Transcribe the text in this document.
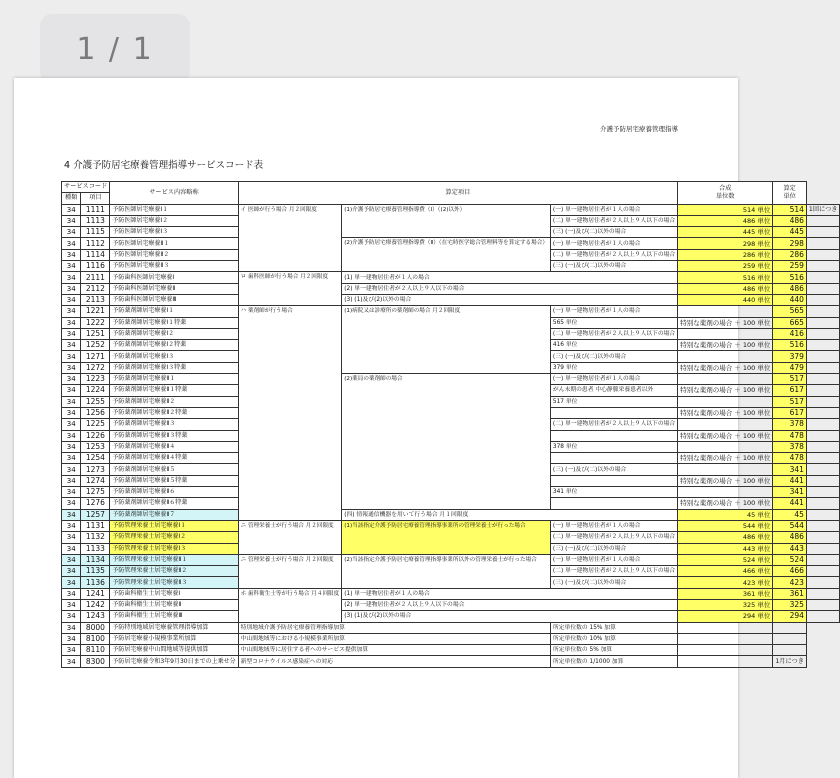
1 / 1
介護予防居宅療養管理指導
4 介護予防居宅療養管理指導サービスコード表
サービスコード		サービス内容略称	算定項目			合成
単位数	算定
単位	
種類	項目							
34	1111	予防医師居宅療養Ⅰ１	イ 医師が行う場合 月２回限度	(1)介護予防居宅療養管理指導費（Ⅰ）（(2)以外）	(一) 単一建物居住者が１人の場合	514 単位	514	1回につき
34	1113	予防医師居宅療養Ⅰ２			(二) 単一建物居住者が２人以上９人以下の場合	486 単位	486	
34	1115	予防医師居宅療養Ⅰ３			(三) (一)及び(二)以外の場合	445 単位	445	
34	1112	予防医師居宅療養Ⅱ１		(2)介護予防居宅療養管理指導費（Ⅱ）（在宅時医学総合管理料等を算定する場合）	(一) 単一建物居住者が１人の場合	298 単位	298	
34	1114	予防医師居宅療養Ⅱ２			(二) 単一建物居住者が２人以上９人以下の場合	286 単位	286	
34	1116	予防医師居宅療養Ⅱ３			(三) (一)及び(二)以外の場合	259 単位	259	
34	2111	予防歯科医師居宅療養Ⅰ	ロ 歯科医師が行う場合 月２回限度	(1) 単一建物居住者が１人の場合		516 単位	516	
34	2112	予防歯科医師居宅療養Ⅱ		(2) 単一建物居住者が２人以上９人以下の場合		486 単位	486	
34	2113	予防歯科医師居宅療養Ⅲ		(3) (1)及び(2)以外の場合		440 単位	440	
34	1221	予防薬剤師居宅療養Ⅰ１	ハ 薬剤師が行う場合	(1)病院又は診療所の薬剤師の場合 月２回限度	(一) 単一建物居住者が１人の場合		565	
34	1222	予防薬剤師居宅療養Ⅰ１特薬			565 単位	特別な薬剤の場合 ＋ 100 単位	665	
34	1251	予防薬剤師居宅療養Ⅰ２			(二) 単一建物居住者が２人以上９人以下の場合		416	
34	1252	予防薬剤師居宅療養Ⅰ２特薬			416 単位	特別な薬剤の場合 ＋ 100 単位	516	
34	1271	予防薬剤師居宅療養Ⅰ３			(三) (一)及び(二)以外の場合		379	
34	1272	予防薬剤師居宅療養Ⅰ３特薬			379 単位	特別な薬剤の場合 ＋ 100 単位	479	
34	1223	予防薬剤師居宅療養Ⅱ１		(2)薬局の薬剤師の場合	(一) 単一建物居住者が１人の場合		517	
34	1224	予防薬剤師居宅療養Ⅱ１特薬			がん末期の患者 中心静脈栄養患者以外	特別な薬剤の場合 ＋ 100 単位	617	
34	1255	予防薬剤師居宅療養Ⅱ２			517 単位		517	
34	1256	予防薬剤師居宅療養Ⅱ２特薬				特別な薬剤の場合 ＋ 100 単位	617	
34	1225	予防薬剤師居宅療養Ⅱ３			(二) 単一建物居住者が２人以上９人以下の場合		378	
34	1226	予防薬剤師居宅療養Ⅱ３特薬				特別な薬剤の場合 ＋ 100 単位	478	
34	1253	予防薬剤師居宅療養Ⅱ４			378 単位		378	
34	1254	予防薬剤師居宅療養Ⅱ４特薬				特別な薬剤の場合 ＋ 100 単位	478	
34	1273	予防薬剤師居宅療養Ⅱ５			(三) (一)及び(二)以外の場合		341	
34	1274	予防薬剤師居宅療養Ⅱ５特薬				特別な薬剤の場合 ＋ 100 単位	441	
34	1275	予防薬剤師居宅療養Ⅱ６			341 単位		341	
34	1276	予防薬剤師居宅療養Ⅱ６特薬				特別な薬剤の場合 ＋ 100 単位	441	
34	1257	予防薬剤師居宅療養Ⅱ７		(四) 情報通信機器を用いて行う場合 月１回限度		45 単位	45	
34	1131	予防管理栄養士居宅療養Ⅰ１	ニ 管理栄養士が行う場合 月２回限度	(1)当該指定介護予防居宅療養管理指導事業所の管理栄養士が行った場合	(一) 単一建物居住者が１人の場合	544 単位	544	
34	1132	予防管理栄養士居宅療養Ⅰ２			(二) 単一建物居住者が２人以上９人以下の場合	486 単位	486	
34	1133	予防管理栄養士居宅療養Ⅰ３			(三) (一)及び(二)以外の場合	443 単位	443	
34	1134	予防管理栄養士居宅療養Ⅱ１	ニ 管理栄養士が行う場合 月２回限度	(2)当該指定介護予防居宅療養管理指導事業所以外の管理栄養士が行った場合	(一) 単一建物居住者が１人の場合	524 単位	524	
34	1135	予防管理栄養士居宅療養Ⅱ２			(二) 単一建物居住者が２人以上９人以下の場合	466 単位	466	
34	1136	予防管理栄養士居宅療養Ⅱ３			(三) (一)及び(二)以外の場合	423 単位	423	
34	1241	予防歯科衛生士居宅療養Ⅰ	ホ 歯科衛生士等が行う場合 月４回限度	(1) 単一建物居住者が１人の場合		361 単位	361	
34	1242	予防歯科衛生士居宅療養Ⅱ		(2) 単一建物居住者が２人以上９人以下の場合		325 単位	325	
34	1243	予防歯科衛生士居宅療養Ⅲ		(3) (1)及び(2)以外の場合		294 単位	294	
34	8000	予防特別地域居宅療養管理指導加算	特別地域介護予防居宅療養管理指導加算		所定単位数の 15% 加算			
34	8100	予防居宅療養小規模事業所加算	中山間地域等における小規模事業所加算		所定単位数の 10% 加算			
34	8110	予防居宅療養中山間地域等提供加算	中山間地域等に居住する者へのサービス提供加算		所定単位数の 5% 加算			
34	8300	予防居宅療養令和3年9月30日までの上乗せ分	新型コロナウイルス感染症への対応		所定単位数の 1/1000 加算		1月につき	
